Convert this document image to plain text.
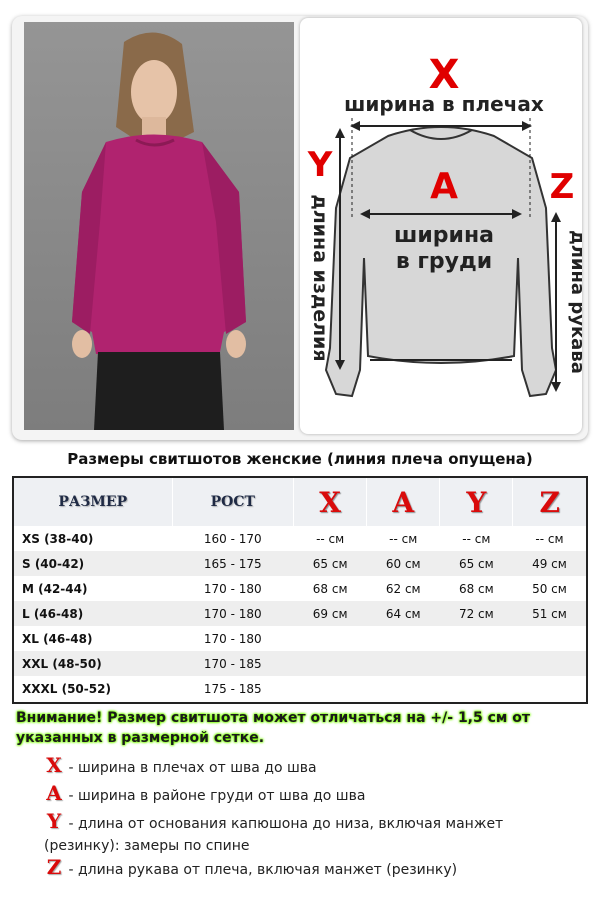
X
ширина в плечах
Y
длина изделия
A
ширина
в груди
Z
длина рукава
Размеры свитшотов женские (линия плеча опущена)
РАЗМЕР	РОСТ	X	A	Y	Z
XS (38-40)	160 - 170	-- см	-- см	-- см	-- см
S (40-42)	165 - 175	65 см	60 см	65 см	49 см
M (42-44)	170 - 180	68 см	62 см	68 см	50 см
L (46-48)	170 - 180	69 см	64 см	72 см	51 см
XL (46-48)	170 - 180				
XXL (48-50)	170 - 185				
XXXL (50-52)	175 - 185				
Внимание! Размер свитшота может отличаться на +/- 1,5 см от указанных в размерной сетке.
X - ширина в плечах от шва до шва
A - ширина в районе груди от шва до шва
Y - длина от основания капюшона до низа, включая манжет (резинку): замеры по спине
Z - длина рукава от плеча, включая манжет (резинку)
